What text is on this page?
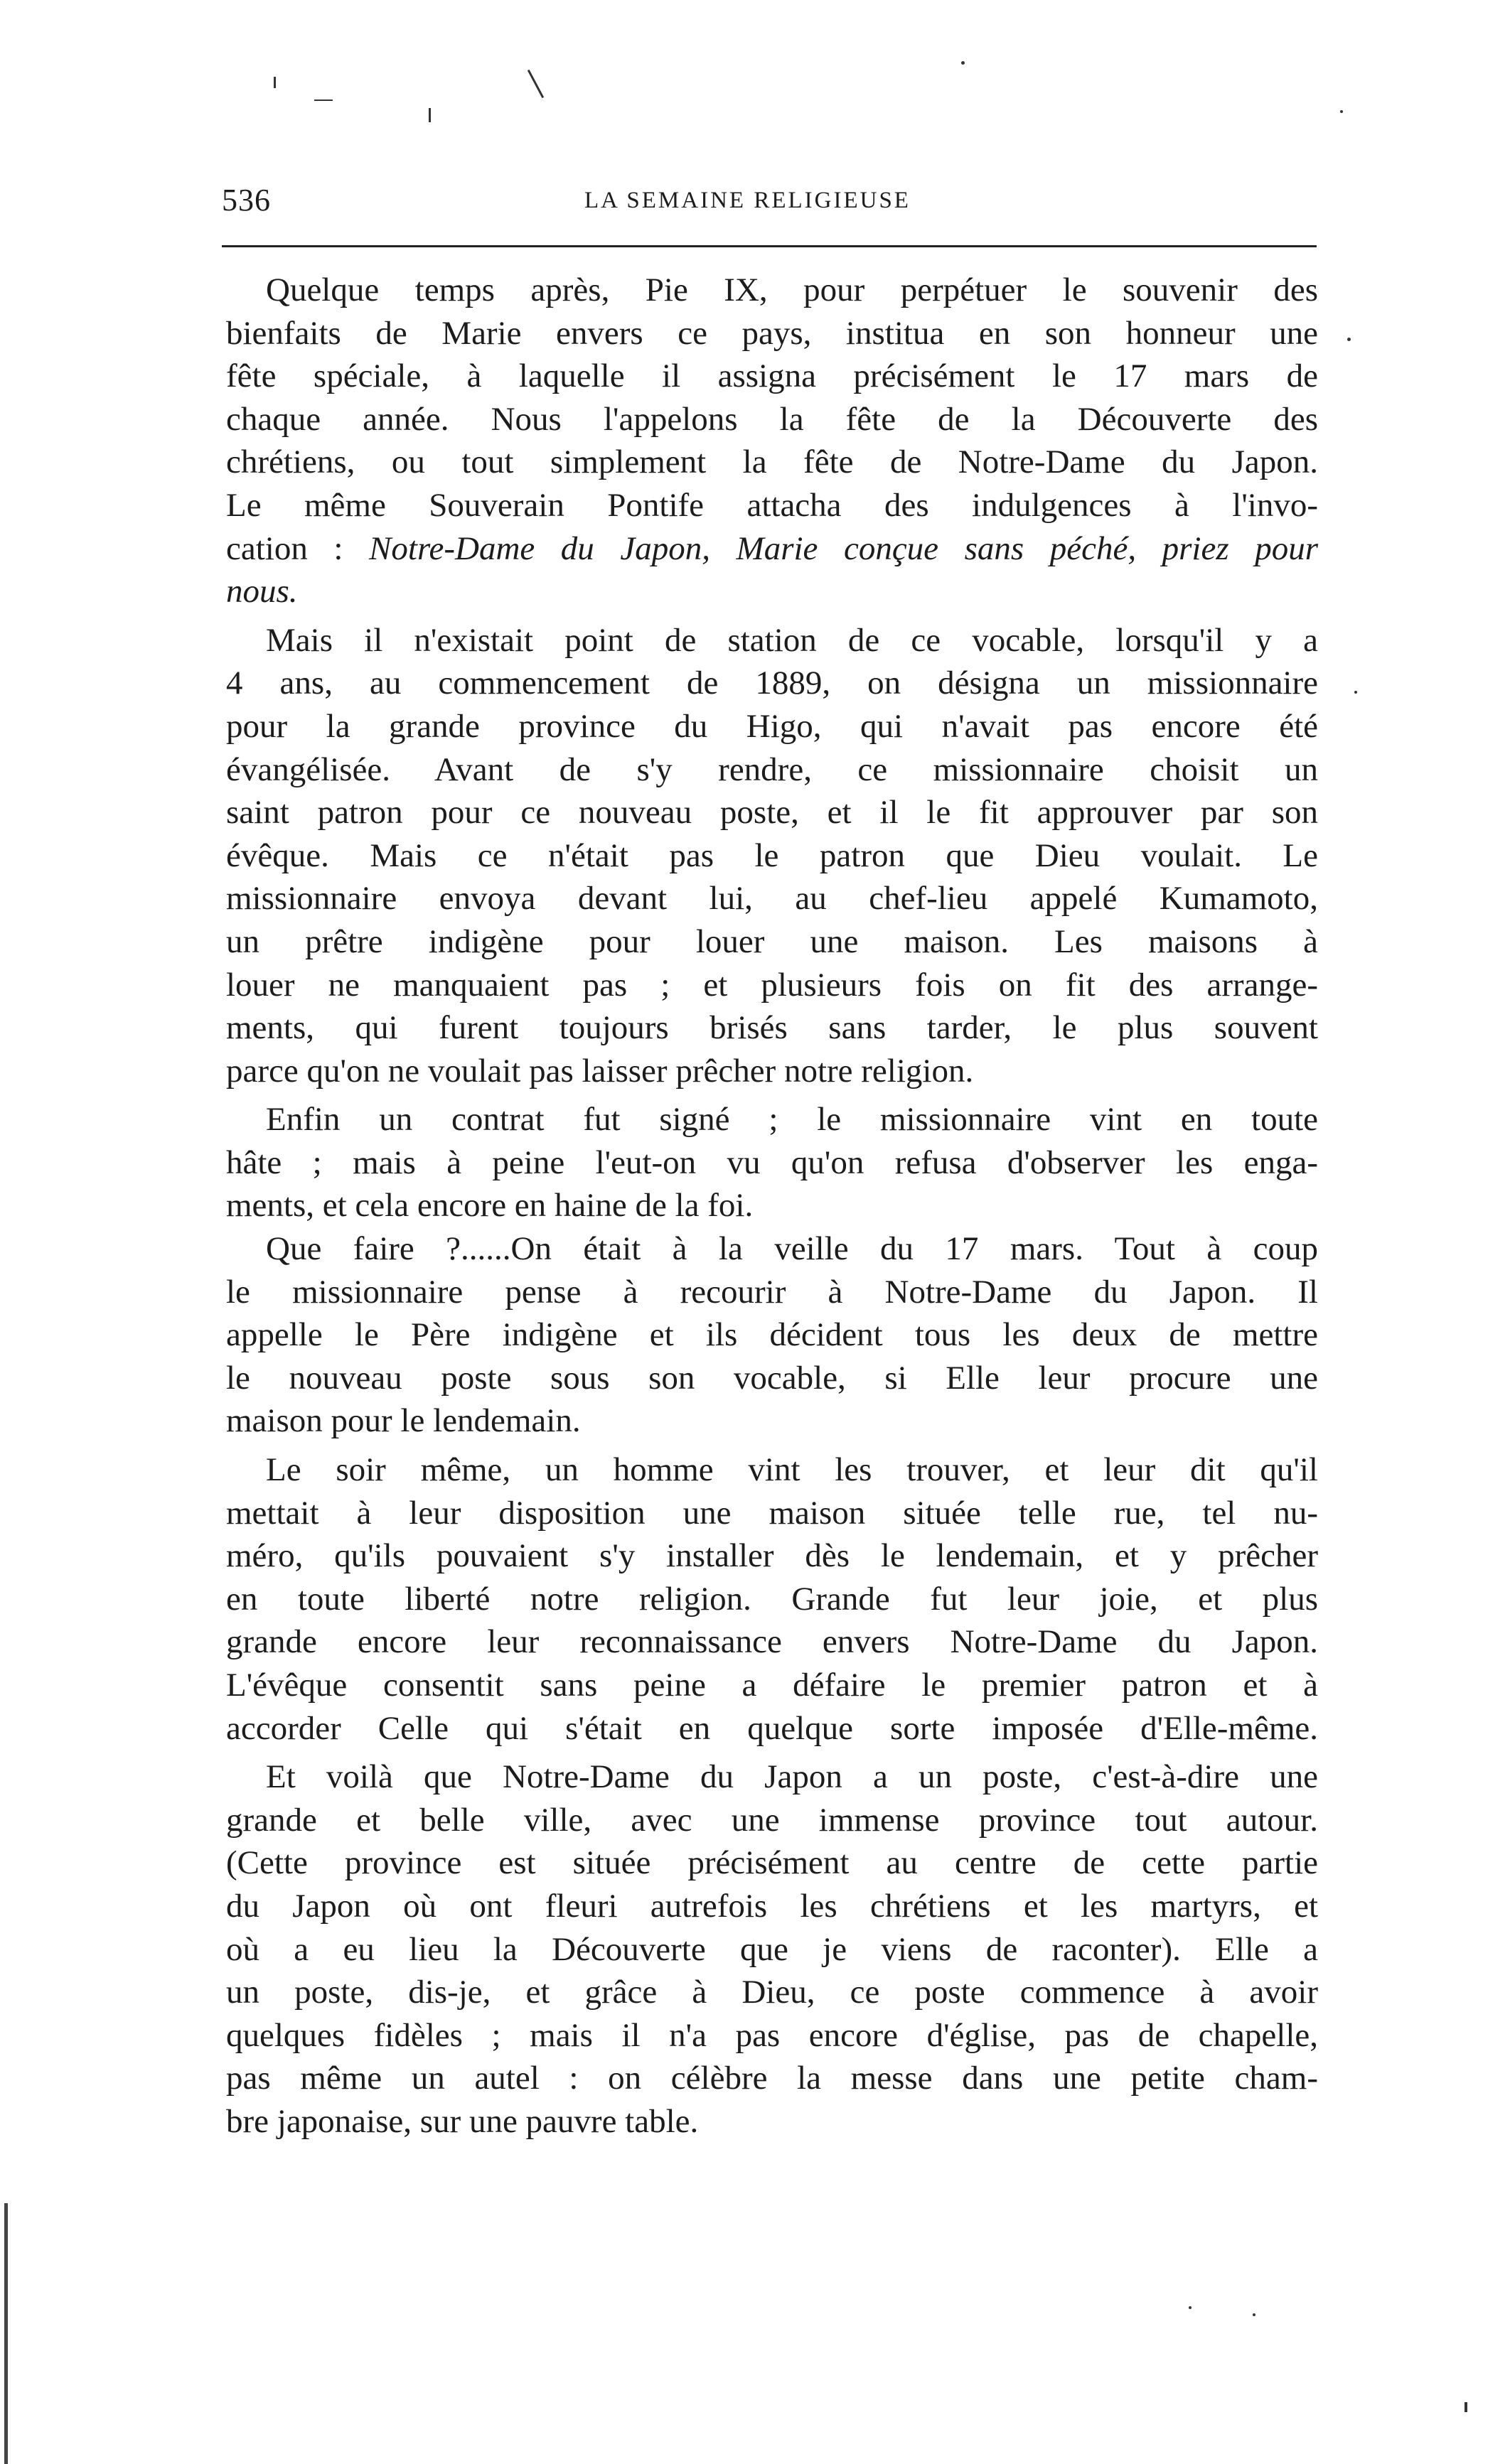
536	LA SEMAINE RELIGIEUSE
Quelque temps après, Pie IX, pour perpétuer le souvenir des
bienfaits de Marie envers ce pays, institua en son honneur une
fête spéciale, à laquelle il assigna précisément le 17 mars de
chaque année. Nous l'appelons la fête de la Découverte des
chrétiens, ou tout simplement la fête de Notre-Dame du Japon.
Le même Souverain Pontife attacha des indulgences à l'invo-
cation : Notre-Dame du Japon, Marie conçue sans péché, priez pour
nous.
Mais il n'existait point de station de ce vocable, lorsqu'il y a
4 ans, au commencement de 1889, on désigna un missionnaire
pour la grande province du Higo, qui n'avait pas encore été
évangélisée. Avant de s'y rendre, ce missionnaire choisit un
saint patron pour ce nouveau poste, et il le fit approuver par son
évêque. Mais ce n'était pas le patron que Dieu voulait. Le
missionnaire envoya devant lui, au chef-lieu appelé Kumamoto,
un prêtre indigène pour louer une maison. Les maisons à
louer ne manquaient pas ; et plusieurs fois on fit des arrange-
ments, qui furent toujours brisés sans tarder, le plus souvent
parce qu'on ne voulait pas laisser prêcher notre religion.
Enfin un contrat fut signé ; le missionnaire vint en toute
hâte ; mais à peine l'eut-on vu qu'on refusa d'observer les enga-
ments, et cela encore en haine de la foi.
Que faire ?......On était à la veille du 17 mars. Tout à coup
le missionnaire pense à recourir à Notre-Dame du Japon. Il
appelle le Père indigène et ils décident tous les deux de mettre
le nouveau poste sous son vocable, si Elle leur procure une
maison pour le lendemain.
Le soir même, un homme vint les trouver, et leur dit qu'il
mettait à leur disposition une maison située telle rue, tel nu-
méro, qu'ils pouvaient s'y installer dès le lendemain, et y prêcher
en toute liberté notre religion. Grande fut leur joie, et plus
grande encore leur reconnaissance envers Notre-Dame du Japon.
L'évêque consentit sans peine a défaire le premier patron et à
accorder Celle qui s'était en quelque sorte imposée d'Elle-même.
Et voilà que Notre-Dame du Japon a un poste, c'est-à-dire une
grande et belle ville, avec une immense province tout autour.
(Cette province est située précisément au centre de cette partie
du Japon où ont fleuri autrefois les chrétiens et les martyrs, et
où a eu lieu la Découverte que je viens de raconter). Elle a
un poste, dis-je, et grâce à Dieu, ce poste commence à avoir
quelques fidèles ; mais il n'a pas encore d'église, pas de chapelle,
pas même un autel : on célèbre la messe dans une petite cham-
bre japonaise, sur une pauvre table.
